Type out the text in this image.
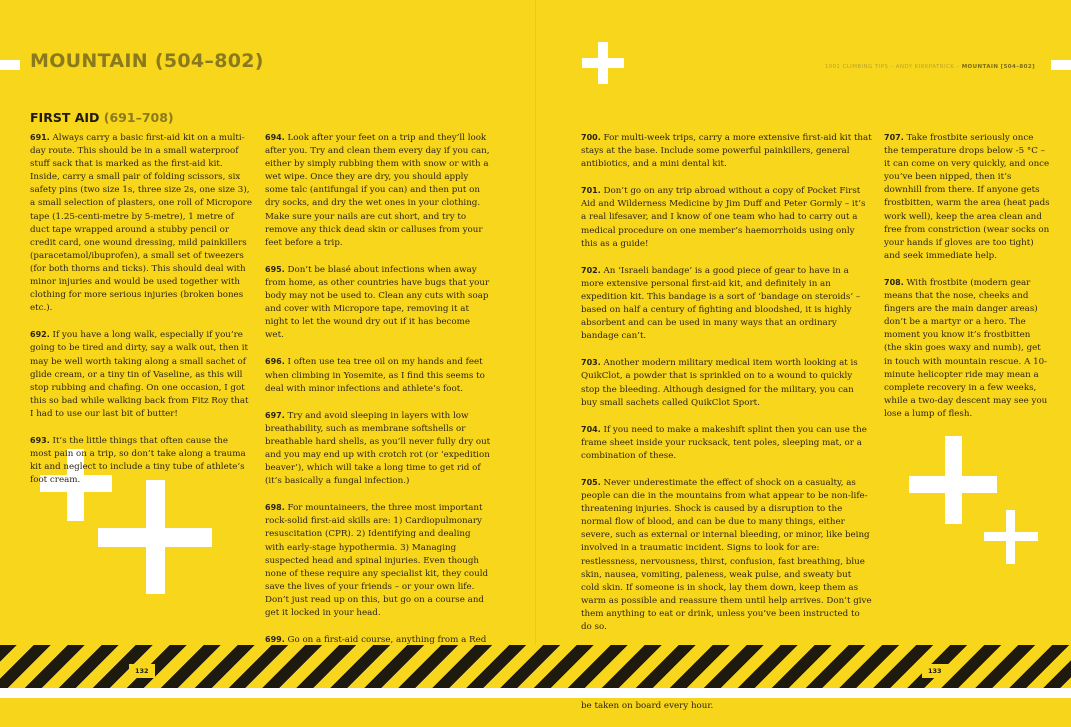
MOUNTAIN (504–802)	1001 CLIMBING TIPS – ANDY KIRKPATRICK – MOUNTAIN [504–802]
FIRST AID (691–708)

691. Always carry a basic first-aid kit on a multi-day route. This should be in a small waterproof stuff sack that is marked as the first-aid kit. Inside, carry a small pair of folding scissors, six safety pins (two size 1s, three size 2s, one size 3), a small selection of plasters, one roll of Micropore tape (1.25-centi-metre by 5-metre), 1 metre of duct tape wrapped around a stubby pencil or credit card, one wound dressing, mild painkillers (paracetamol/ibuprofen), a small set of tweezers (for both thorns and ticks). This should deal with minor injuries and would be used together with clothing for more serious injuries (broken bones etc.).

692. If you have a long walk, especially if you’re going to be tired and dirty, say a walk out, then it may be well worth taking along a small sachet of glide cream, or a tiny tin of Vaseline, as this will stop rubbing and chafing. On one occasion, I got this so bad while walking back from Fitz Roy that I had to use our last bit of butter!

693. It’s the little things that often cause the most pain on a trip, so don’t take along a trauma kit and neglect to include a tiny tube of athlete’s foot cream.

694. Look after your feet on a trip and they’ll look after you. Try and clean them every day if you can, either by simply rubbing them with snow or with a wet wipe. Once they are dry, you should apply some talc (antifungal if you can) and then put on dry socks, and dry the wet ones in your clothing. Make sure your nails are cut short, and try to remove any thick dead skin or calluses from your feet before a trip.

695. Don’t be blasé about infections when away from home, as other countries have bugs that your body may not be used to. Clean any cuts with soap and cover with Micropore tape, removing it at night to let the wound dry out if it has become wet.

696. I often use tea tree oil on my hands and feet when climbing in Yosemite, as I find this seems to deal with minor infections and athlete’s foot.

697. Try and avoid sleeping in layers with low breathability, such as membrane softshells or breathable hard shells, as you’ll never fully dry out and you may end up with crotch rot (or ‘expedition beaver’), which will take a long time to get rid of (it’s basically a fungal infection.)

698. For mountaineers, the three most important rock-solid first-aid skills are: 1) Cardiopulmonary resuscitation (CPR). 2) Identifying and dealing with early-stage hypothermia. 3) Managing suspected head and spinal injuries. Even though none of these require any specialist kit, they could save the lives of your friends – or your own life. Don’t just read up on this, but go on a course and get it locked in your head.

699. Go on a first-aid course, anything from a Red

700. For multi-week trips, carry a more extensive first-aid kit that stays at the base. Include some powerful painkillers, general antibiotics, and a mini dental kit.

701. Don’t go on any trip abroad without a copy of Pocket First Aid and Wilderness Medicine by Jim Duff and Peter Gormly – it’s a real lifesaver, and I know of one team who had to carry out a medical procedure on one member’s haemorrhoids using only this as a guide!

702. An ‘Israeli bandage’ is a good piece of gear to have in a more extensive personal first-aid kit, and definitely in an expedition kit. This bandage is a sort of ‘bandage on steroids’ – based on half a century of fighting and bloodshed, it is highly absorbent and can be used in many ways that an ordinary bandage can’t.

703. Another modern military medical item worth looking at is QuikClot, a powder that is sprinkled on to a wound to quickly stop the bleeding. Although designed for the military, you can buy small sachets called QuikClot Sport.

704. If you need to make a makeshift splint then you can use the frame sheet inside your rucksack, tent poles, sleeping mat, or a combination of these.

705. Never underestimate the effect of shock on a casualty, as people can die in the mountains from what appear to be non-life-threatening injuries. Shock is caused by a disruption to the normal flow of blood, and can be due to many things, either severe, such as external or internal bleeding, or minor, like being involved in a traumatic incident. Signs to look for are: restlessness, nervousness, thirst, confusion, fast breathing, blue skin, nausea, vomiting, paleness, weak pulse, and sweaty but cold skin. If someone is in shock, lay them down, keep them as warm as possible and reassure them until help arrives. Don’t give them anything to eat or drink, unless you’ve been instructed to do so.

be taken on board every hour.

707. Take frostbite seriously once the temperature drops below -5 °C – it can come on very quickly, and once you’ve been nipped, then it’s downhill from there. If anyone gets frostbitten, warm the area (heat pads work well), keep the area clean and free from constriction (wear socks on your hands if gloves are too tight) and seek immediate help.

708. With frostbite (modern gear means that the nose, cheeks and fingers are the main danger areas) don’t be a martyr or a hero. The moment you know it’s frostbitten (the skin goes waxy and numb), get in touch with mountain rescue. A 10-minute helicopter ride may mean a complete recovery in a few weeks, while a two-day descent may see you lose a lump of flesh.

132	133
